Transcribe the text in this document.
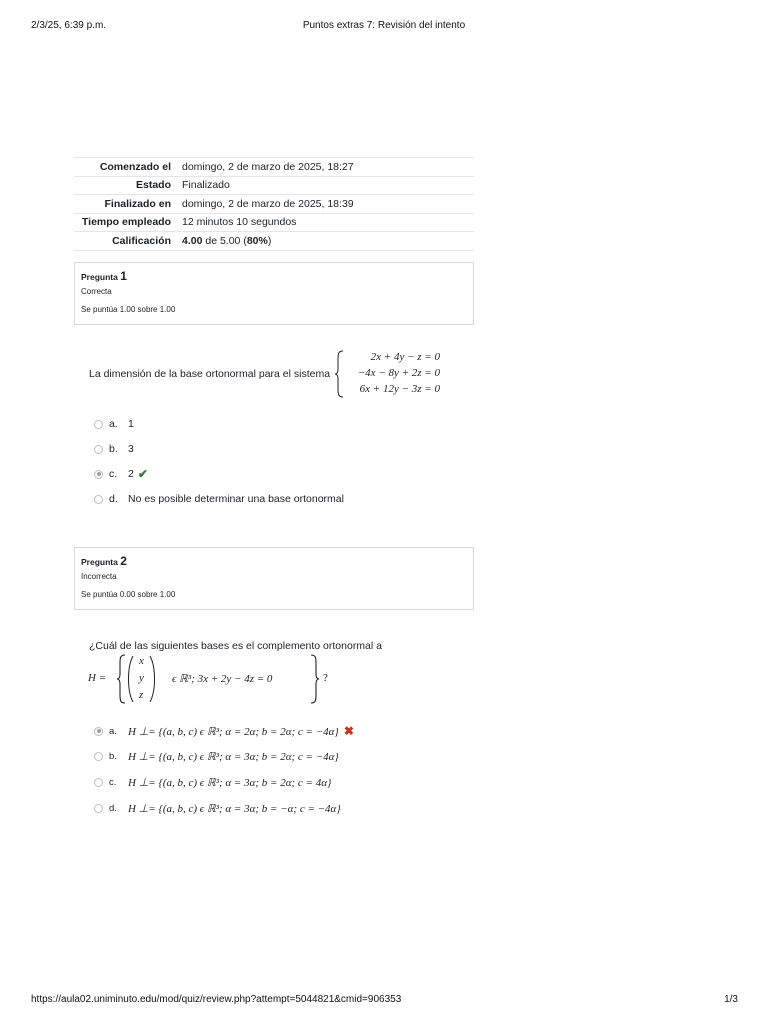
2/3/25, 6:39 p.m.	Puntos extras 7: Revisión del intento
Comenzado el	domingo, 2 de marzo de 2025, 18:27
Estado	Finalizado
Finalizado en	domingo, 2 de marzo de 2025, 18:39
Tiempo empleado	12 minutos 10 segundos
Calificación	4.00 de 5.00 (80%)
Pregunta 1
Correcta
Se puntúa 1.00 sobre 1.00
La dimensión de la base ortonormal para el sistema
2x + 4y − z = 0
−4x − 8y + 2z = 0
6x + 12y − 3z = 0
a. 1
b. 3
c.	2 ✔
d. No es posible determinar una base ortonormal
Pregunta 2
Incorrecta
Se puntúa 0.00 sobre 1.00
¿Cuál de las siguientes bases es el complemento ortonormal a
H =
x
y
z
ϵ ℝ³; 3x + 2y − 4z = 0	?
a.	H ⊥= {(a, b, c) ϵ ℝ³; α = 2α; b = 2α; c = −4α} ✖
b.	H ⊥= {(a, b, c) ϵ ℝ³; α = 3α; b = 2α; c = −4α}
c.	H ⊥= {(a, b, c) ϵ ℝ³; α = 3α; b = 2α; c = 4α}
d.	H ⊥= {(a, b, c) ϵ ℝ³; α = 3α; b = −α; c = −4α}
https://aula02.uniminuto.edu/mod/quiz/review.php?attempt=5044821&cmid=906353	1/3
